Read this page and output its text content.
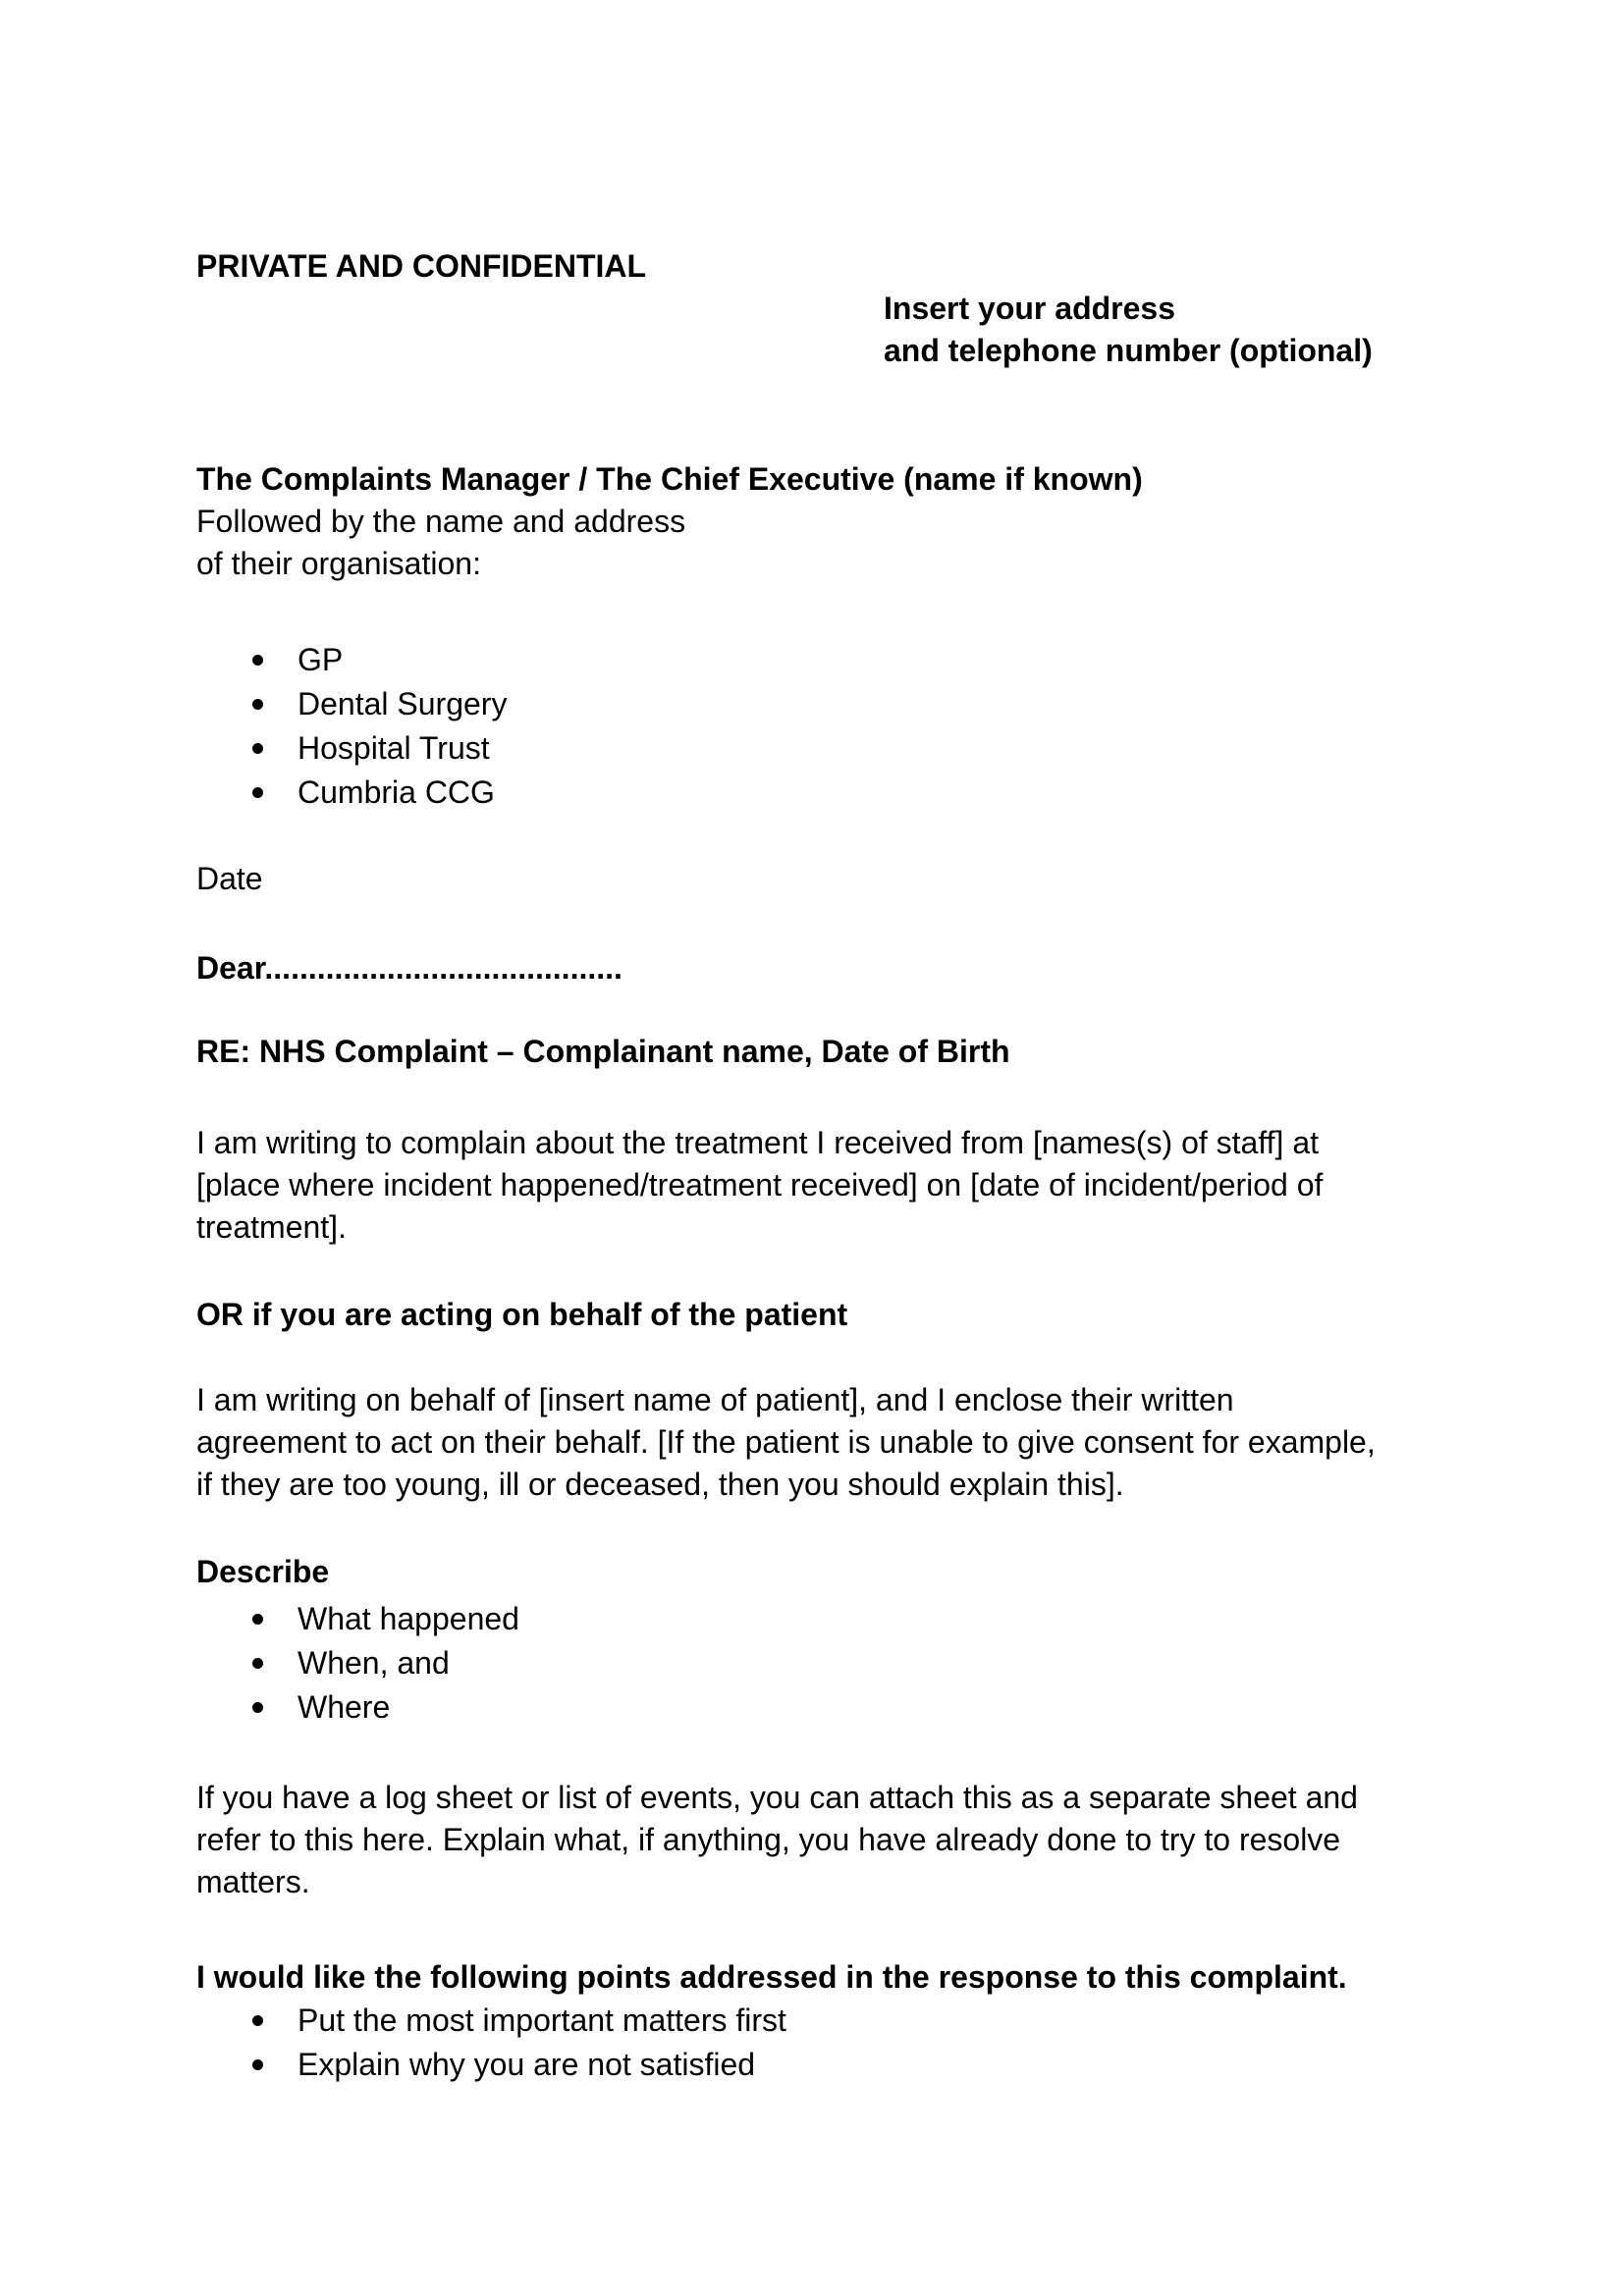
PRIVATE AND CONFIDENTIAL
Insert your address
and telephone number (optional)
The Complaints Manager / The Chief Executive (name if known)
Followed by the name and address
of their organisation:
GP
Dental Surgery
Hospital Trust
Cumbria CCG
Date
Dear.........................................
RE: NHS Complaint – Complainant name, Date of Birth
I am writing to complain about the treatment I received from [names(s) of staff] at
[place where incident happened/treatment received] on [date of incident/period of
treatment].
OR if you are acting on behalf of the patient
I am writing on behalf of [insert name of patient], and I enclose their written
agreement to act on their behalf. [If the patient is unable to give consent for example,
if they are too young, ill or deceased, then you should explain this].
Describe
What happened
When, and
Where
If you have a log sheet or list of events, you can attach this as a separate sheet and
refer to this here. Explain what, if anything, you have already done to try to resolve
matters.
I would like the following points addressed in the response to this complaint.
Put the most important matters first
Explain why you are not satisfied
